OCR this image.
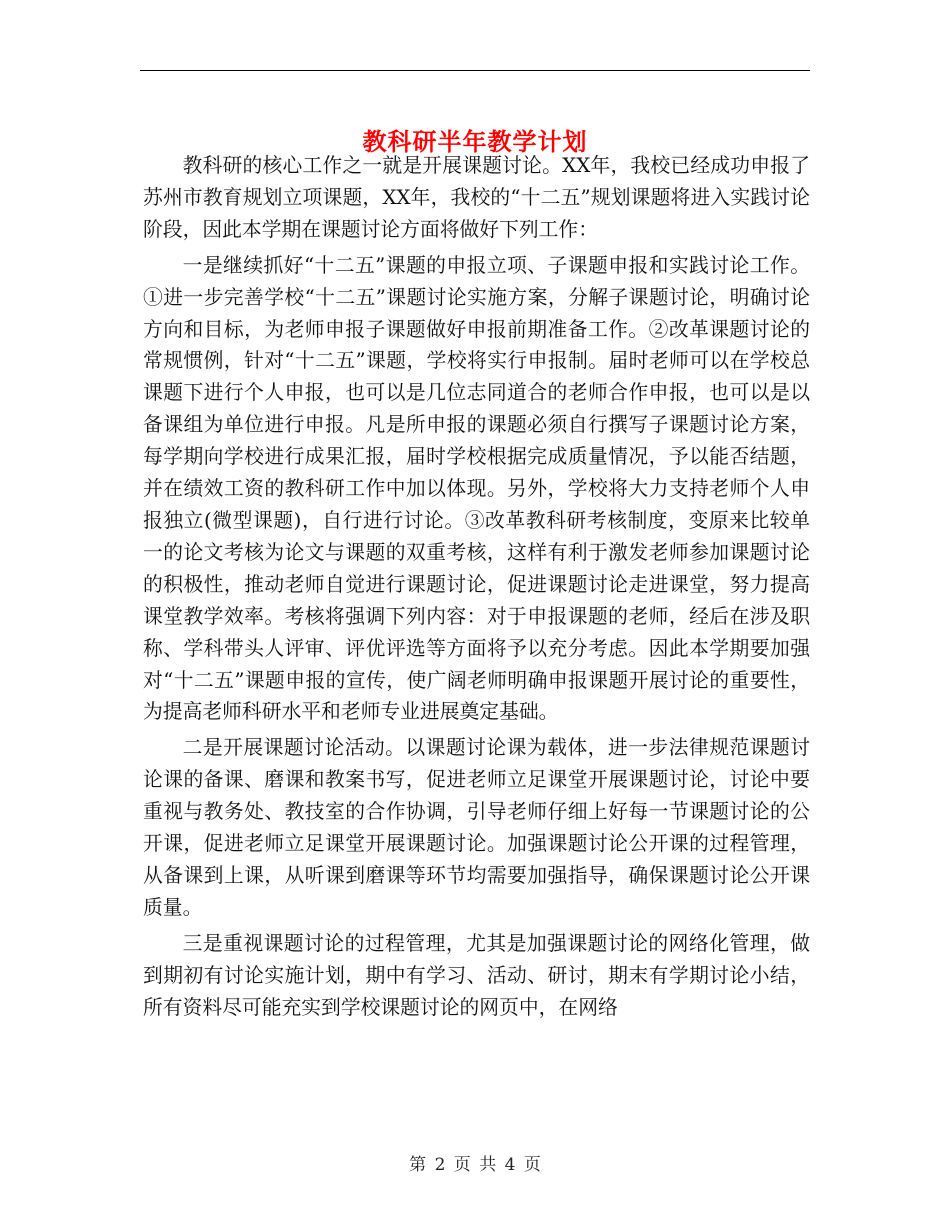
教科研半年教学计划

教科研的核心工作之一就是开展课题讨论。XX年，我校已经成功申报了苏州市教育规划立项课题，XX年，我校的“十二五”规划课题将进入实践讨论阶段，因此本学期在课题讨论方面将做好下列工作：

一是继续抓好“十二五”课题的申报立项、子课题申报和实践讨论工作。①进一步完善学校“十二五”课题讨论实施方案，分解子课题讨论，明确讨论方向和目标，为老师申报子课题做好申报前期准备工作。②改革课题讨论的常规惯例，针对“十二五”课题，学校将实行申报制。届时老师可以在学校总课题下进行个人申报，也可以是几位志同道合的老师合作申报，也可以是以备课组为单位进行申报。凡是所申报的课题必须自行撰写子课题讨论方案，每学期向学校进行成果汇报，届时学校根据完成质量情况，予以能否结题，并在绩效工资的教科研工作中加以体现。另外，学校将大力支持老师个人申报独立(微型课题)，自行进行讨论。③改革教科研考核制度，变原来比较单一的论文考核为论文与课题的双重考核，这样有利于激发老师参加课题讨论的积极性，推动老师自觉进行课题讨论，促进课题讨论走进课堂，努力提高课堂教学效率。考核将强调下列内容：对于申报课题的老师，经后在涉及职称、学科带头人评审、评优评选等方面将予以充分考虑。因此本学期要加强对“十二五”课题申报的宣传，使广阔老师明确申报课题开展讨论的重要性，为提高老师科研水平和老师专业进展奠定基础。

二是开展课题讨论活动。以课题讨论课为载体，进一步法律规范课题讨论课的备课、磨课和教案书写，促进老师立足课堂开展课题讨论，讨论中要重视与教务处、教技室的合作协调，引导老师仔细上好每一节课题讨论的公开课，促进老师立足课堂开展课题讨论。加强课题讨论公开课的过程管理，从备课到上课，从听课到磨课等环节均需要加强指导，确保课题讨论公开课质量。

三是重视课题讨论的过程管理，尤其是加强课题讨论的网络化管理，做到期初有讨论实施计划，期中有学习、活动、研讨，期末有学期讨论小结，所有资料尽可能充实到学校课题讨论的网页中，在网络

第 2 页 共 4 页
